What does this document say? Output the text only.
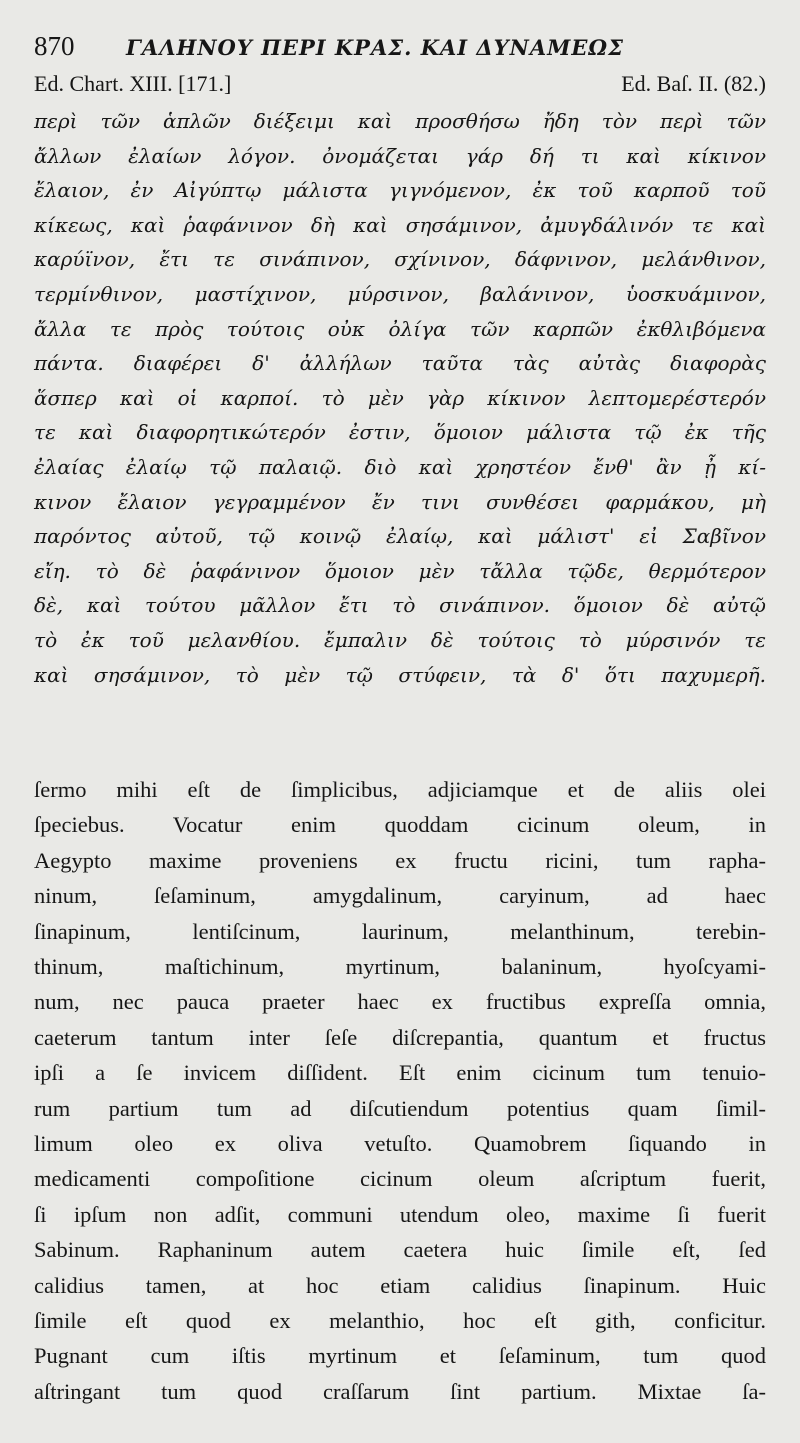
870	ΓΑΛΗΝΟΥ ΠΕΡΙ ΚΡΑΣ. ΚΑΙ ΔΥΝΑΜΕΩΣ
Ed. Chart. XIII. [171.]	Ed. Baſ. II. (82.)
περὶ τῶν ἁπλῶν διέξειμι καὶ προσθήσω ἤδη τὸν περὶ τῶν
ἄλλων ἐλαίων λόγον. ὀνομάζεται γάρ δή τι καὶ κίκινον
ἔλαιον, ἐν Αἰγύπτῳ μάλιστα γιγνόμενον, ἐκ τοῦ καρποῦ τοῦ
κίκεως, καὶ ῥαφάνινον δὴ καὶ σησάμινον, ἀμυγδάλινόν τε καὶ
καρύϊνον, ἔτι τε σινάπινον, σχίνινον, δάφνινον, μελάνθινον,
τερμίνθινον, μαστίχινον, μύρσινον, βαλάνινον, ὑοσκυάμινον,
ἄλλα τε πρὸς τούτοις οὐκ ὀλίγα τῶν καρπῶν ἐκθλιβόμενα
πάντα. διαφέρει δ' ἀλλήλων ταῦτα τὰς αὐτὰς διαφορὰς
ἅσπερ καὶ οἱ καρποί. τὸ μὲν γὰρ κίκινον λεπτομερέστερόν
τε καὶ διαφορητικώτερόν ἐστιν, ὅμοιον μάλιστα τῷ ἐκ τῆς
ἐλαίας ἐλαίῳ τῷ παλαιῷ. διὸ καὶ χρηστέον ἔνθ' ἂν ᾖ κί-
κινον ἔλαιον γεγραμμένον ἔν τινι συνθέσει φαρμάκου, μὴ
παρόντος αὐτοῦ, τῷ κοινῷ ἐλαίῳ, καὶ μάλιστ' εἰ Σαβῖνον
εἴη. τὸ δὲ ῥαφάνινον ὅμοιον μὲν τἄλλα τῷδε, θερμότερον
δὲ, καὶ τούτου μᾶλλον ἔτι τὸ σινάπινον. ὅμοιον δὲ αὐτῷ
τὸ ἐκ τοῦ μελανθίου. ἔμπαλιν δὲ τούτοις τὸ μύρσινόν τε
καὶ σησάμινον, τὸ μὲν τῷ στύφειν, τὰ δ' ὅτι παχυμερῆ.
ſermo mihi eſt de ſimplicibus, adjiciamque et de aliis olei
ſpeciebus. Vocatur enim quoddam cicinum oleum, in
Aegypto maxime proveniens ex fructu ricini, tum rapha-
ninum, ſeſaminum, amygdalinum, caryinum, ad haec
ſinapinum, lentiſcinum, laurinum, melanthinum, terebin-
thinum, maſtichinum, myrtinum, balaninum, hyoſcyami-
num, nec pauca praeter haec ex fructibus expreſſa omnia,
caeterum tantum inter ſeſe diſcrepantia, quantum et fructus
ipſi a ſe invicem diſſident. Eſt enim cicinum tum tenuio-
rum partium tum ad diſcutiendum potentius quam ſimil-
limum oleo ex oliva vetuſto. Quamobrem ſiquando in
medicamenti compoſitione cicinum oleum aſcriptum fuerit,
ſi ipſum non adſit, communi utendum oleo, maxime ſi fuerit
Sabinum. Raphaninum autem caetera huic ſimile eſt, ſed
calidius tamen, at hoc etiam calidius ſinapinum. Huic
ſimile eſt quod ex melanthio, hoc eſt gith, conficitur.
Pugnant cum iſtis myrtinum et ſeſaminum, tum quod
aſtringant tum quod craſſarum ſint partium. Mixtae ſa-
